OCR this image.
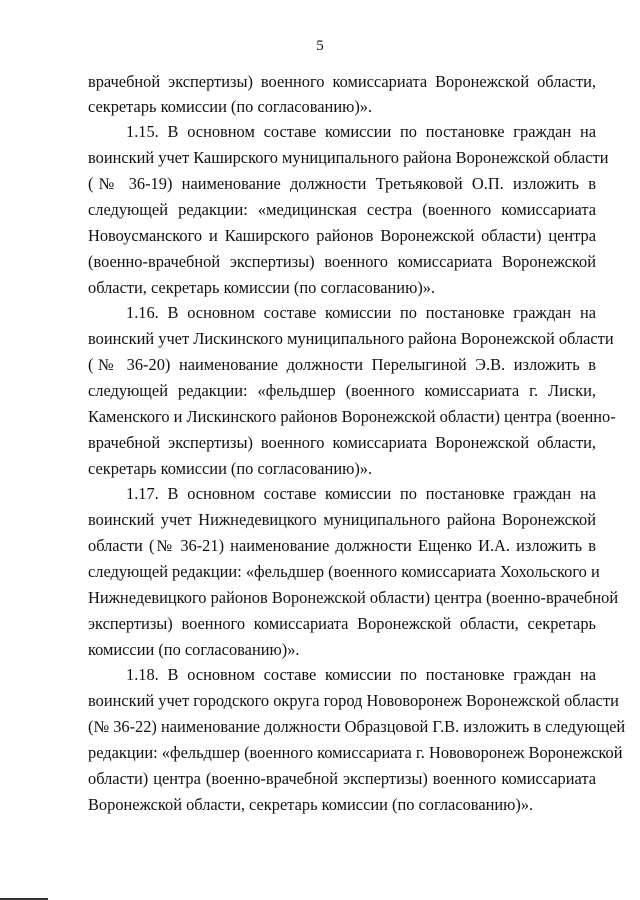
5
врачебной экспертизы) военного комиссариата Воронежской области,
секретарь комиссии (по согласованию)».
1.15. В основном составе комиссии по постановке граждан на
воинский учет Каширского муниципального района Воронежской области
(№ 36-19) наименование должности Третьяковой О.П. изложить в
следующей редакции: «медицинская сестра (военного комиссариата
Новоусманского и Каширского районов Воронежской области) центра
(военно-врачебной экспертизы) военного комиссариата Воронежской
области, секретарь комиссии (по согласованию)».
1.16. В основном составе комиссии по постановке граждан на
воинский учет Лискинского муниципального района Воронежской области
(№ 36-20) наименование должности Перелыгиной Э.В. изложить в
следующей редакции: «фельдшер (военного комиссариата г. Лиски,
Каменского и Лискинского районов Воронежской области) центра (военно-
врачебной экспертизы) военного комиссариата Воронежской области,
секретарь комиссии (по согласованию)».
1.17. В основном составе комиссии по постановке граждан на
воинский учет Нижнедевицкого муниципального района Воронежской
области (№ 36-21) наименование должности Ещенко И.А. изложить в
следующей редакции: «фельдшер (военного комиссариата Хохольского и
Нижнедевицкого районов Воронежской области) центра (военно-врачебной
экспертизы) военного комиссариата Воронежской области, секретарь
комиссии (по согласованию)».
1.18. В основном составе комиссии по постановке граждан на
воинский учет городского округа город Нововоронеж Воронежской области
(№ 36-22) наименование должности Образцовой Г.В. изложить в следующей
редакции: «фельдшер (военного комиссариата г. Нововоронеж Воронежской
области) центра (военно-врачебной экспертизы) военного комиссариата
Воронежской области, секретарь комиссии (по согласованию)».
